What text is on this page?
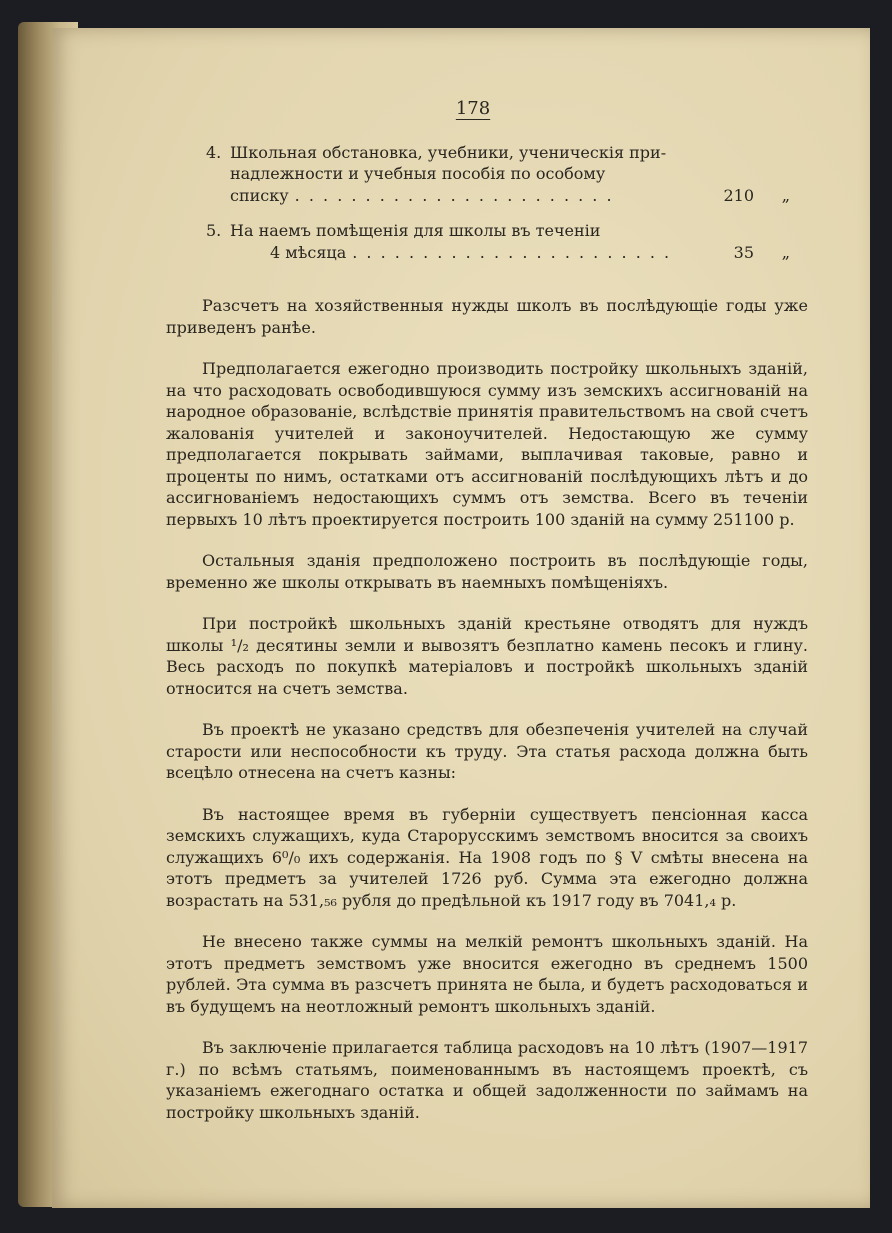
178
4. Школьная обстановка, учебники, ученическія при-
надлежности и учебныя пособія по особому
списку . . . . . . . . . . . . . . . . . . . . . . .	210	„
5. На наемъ помѣщенія для школы въ теченіи
4 мѣсяца . . . . . . . . . . . . . . . . . . . . . . .	35	„

Разсчетъ на хозяйственныя нужды школъ въ послѣдующіе годы уже приведенъ ранѣе.

Предполагается ежегодно производить постройку школьныхъ зданій, на что расходовать освободившуюся сумму изъ земскихъ ассигнованій на народное образованіе, вслѣдствіе принятія правительствомъ на свой счетъ жалованія учителей и законоучителей. Недостающую же сумму предполагается покрывать займами, выплачивая таковые, равно и проценты по нимъ, остатками отъ ассигнованій послѣдующихъ лѣтъ и до ассигнованіемъ недостающихъ суммъ отъ земства. Всего въ теченіи первыхъ 10 лѣтъ проектируется построить 100 зданій на сумму 251100 р.

Остальныя зданія предположено построить въ послѣдующіе годы, временно же школы открывать въ наемныхъ помѣщеніяхъ.

При постройкѣ школьныхъ зданій крестьяне отводятъ для нуждъ школы ¹/₂ десятины земли и вывозятъ безплатно камень песокъ и глину. Весь расходъ по покупкѣ матеріаловъ и постройкѣ школьныхъ зданій относится на счетъ земства.

Въ проектѣ не указано средствъ для обезпеченія учителей на случай старости или неспособности къ труду. Эта статья расхода должна быть всецѣло отнесена на счетъ казны:

Въ настоящее время въ губерніи существуетъ пенсіонная касса земскихъ служащихъ, куда Старорусскимъ земствомъ вносится за своихъ служащихъ 6⁰/₀ ихъ содержанія. На 1908 годъ по § V смѣты внесена на этотъ предметъ за учителей 1726 руб. Сумма эта ежегодно должна возрастать на 531,₅₆ рубля до предѣльной къ 1917 году въ 7041,₄ р.

Не внесено также суммы на мелкій ремонтъ школьныхъ зданій. На этотъ предметъ земствомъ уже вносится ежегодно въ среднемъ 1500 рублей. Эта сумма въ разсчетъ принята не была, и будетъ расходоваться и въ будущемъ на неотложный ремонтъ школьныхъ зданій.

Въ заключеніе прилагается таблица расходовъ на 10 лѣтъ (1907—1917 г.) по всѣмъ статьямъ, поименованнымъ въ настоящемъ проектѣ, съ указаніемъ ежегоднаго остатка и общей задолженности по займамъ на постройку школьныхъ зданій.
